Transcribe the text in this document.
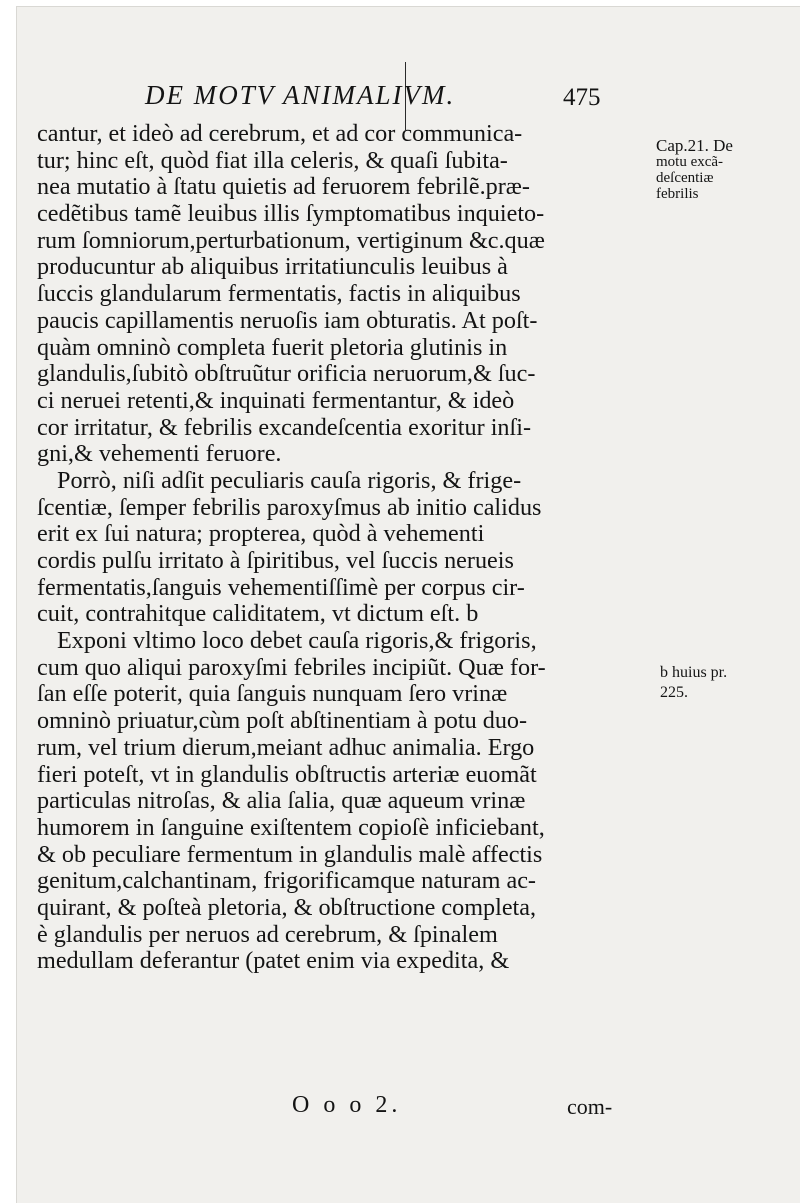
DE MOTV ANIMALIVM.	475
cantur, et ideò ad cerebrum, et ad cor communica-
tur; hinc eſt, quòd fiat illa celeris, & quaſi ſubita-
nea mutatio à ſtatu quietis ad feruorem febrilẽ.præ-
cedẽtibus tamẽ leuibus illis ſymptomatibus inquieto-
rum ſomniorum,perturbationum, vertiginum &c.quæ
producuntur ab aliquibus irritatiunculis leuibus à
ſuccis glandularum fermentatis, factis in aliquibus
paucis capillamentis neruoſis iam obturatis. At poſt-
quàm omninò completa fuerit pletoria glutinis in
glandulis,ſubitò obſtruũtur orificia neruorum,& ſuc-
ci neruei retenti,& inquinati fermentantur, & ideò
cor irritatur, & febrilis excandeſcentia exoritur inſi-
gni,& vehementi feruore.
Porrò, niſi adſit peculiaris cauſa rigoris, & frige-
ſcentiæ, ſemper febrilis paroxyſmus ab initio calidus
erit ex ſui natura; propterea, quòd à vehementi
cordis pulſu irritato à ſpiritibus, vel ſuccis nerueis
fermentatis,ſanguis vehementiſſimè per corpus cir-
cuit, contrahitque caliditatem, vt dictum eſt. b
Exponi vltimo loco debet cauſa rigoris,& frigoris,
cum quo aliqui paroxyſmi febriles incipiũt. Quæ for-
ſan eſſe poterit, quia ſanguis nunquam ſero vrinæ
omninò priuatur,cùm poſt abſtinentiam à potu duo-
rum, vel trium dierum,meiant adhuc animalia. Ergo
fieri poteſt, vt in glandulis obſtructis arteriæ euomãt
particulas nitroſas, & alia ſalia, quæ aqueum vrinæ
humorem in ſanguine exiſtentem copioſè inficiebant,
& ob peculiare fermentum in glandulis malè affectis
genitum,calchantinam, frigorificamque naturam ac-
quirant, & poſteà pletoria, & obſtructione completa,
è glandulis per neruos ad cerebrum, & ſpinalem
medullam deferantur (patet enim via expedita, &
Cap.21. De
motu excã-
deſcentiæ
febrilis
b huius pr.
225.
O o o 2.	com-
